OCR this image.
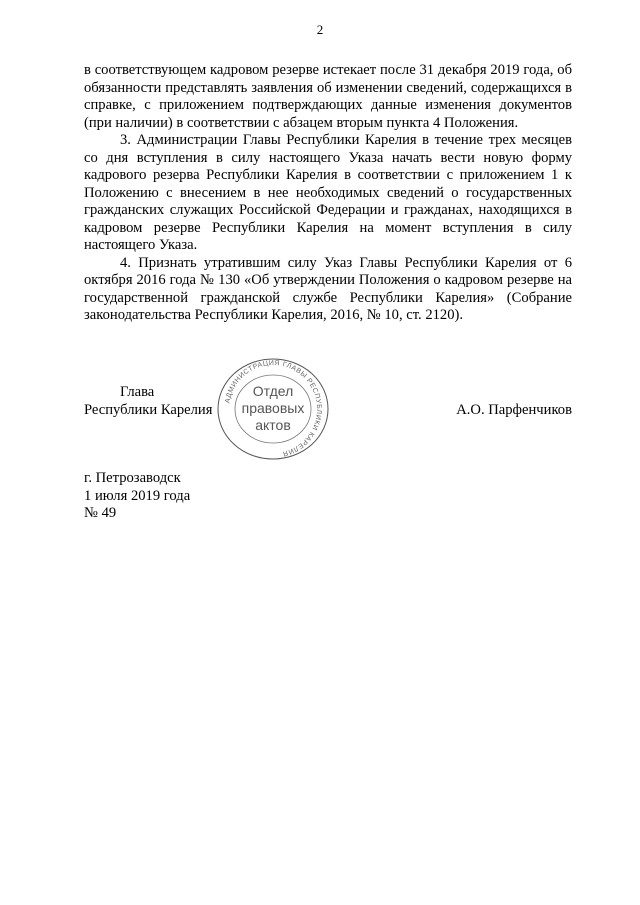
2

в соответствующем кадровом резерве истекает после 31 декабря 2019 года, об обязанности представлять заявления об изменении сведений, содержащихся в справке, с приложением подтверждающих данные изменения документов (при наличии) в соответствии с абзацем вторым пункта 4 Положения.

3. Администрации Главы Республики Карелия в течение трех месяцев со дня вступления в силу настоящего Указа начать вести новую форму кадрового резерва Республики Карелия в соответствии с приложением 1 к Положению с внесением в нее необходимых сведений о государственных гражданских служащих Российской Федерации и гражданах, находящихся в кадровом резерве Республики Карелия на момент вступления в силу настоящего Указа.

4. Признать утратившим силу Указ Главы Республики Карелия от 6 октября 2016 года № 130 «Об утверждении Положения о кадровом резерве на государственной гражданской службе Республики Карелия» (Собрание законодательства Республики Карелия, 2016, № 10, ст. 2120).

Глава
Республики Карелия	А.О. Парфенчиков
АДМИНИСТРАЦИЯ ГЛАВЫ РЕСПУБЛИКИ КАРЕЛИЯ
Отдел
правовых
актов
г. Петрозаводск
1 июля 2019 года
№ 49
